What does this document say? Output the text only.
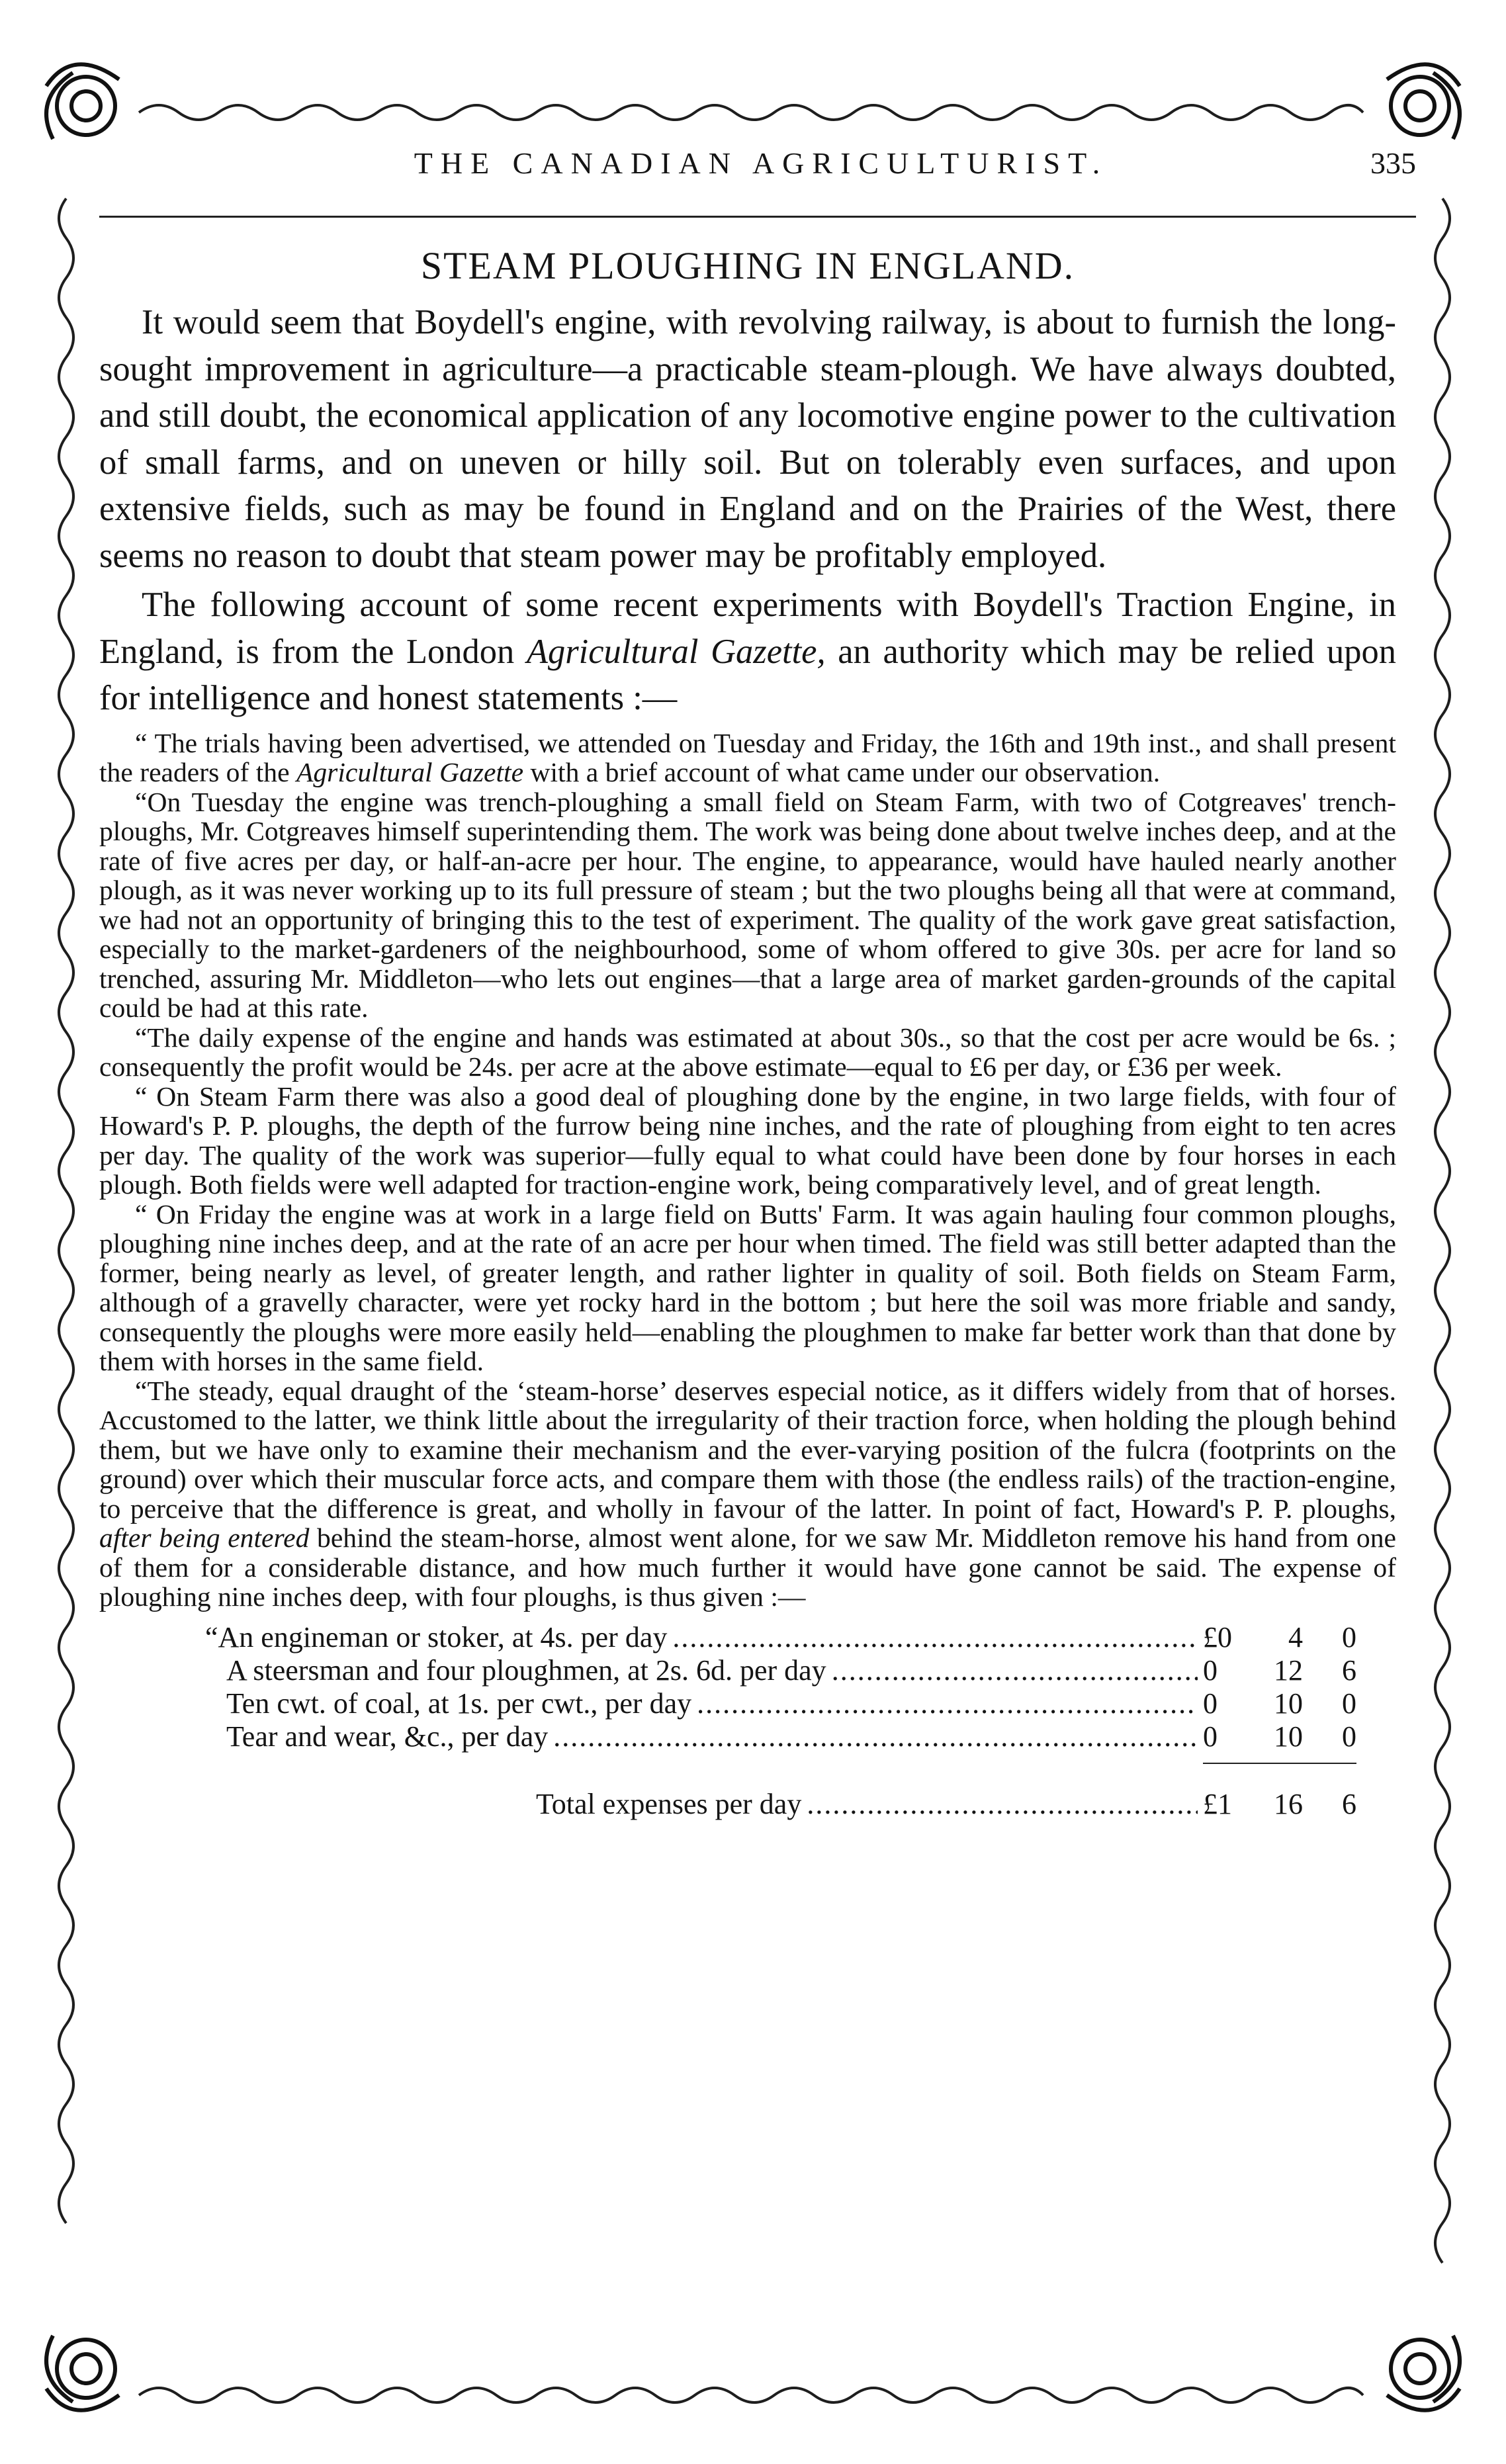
THE CANADIAN AGRICULTURIST.	335
STEAM PLOUGHING IN ENGLAND.

It would seem that Boydell's engine, with revolving railway, is about to furnish the long-sought improvement in agriculture—a practicable steam-plough. We have always doubted, and still doubt, the economical application of any locomotive engine power to the cultivation of small farms, and on uneven or hilly soil. But on tolerably even surfaces, and upon extensive fields, such as may be found in England and on the Prairies of the West, there seems no reason to doubt that steam power may be profitably employed.

The following account of some recent experiments with Boydell's Traction Engine, in England, is from the London Agricultural Gazette, an authority which may be relied upon for intelligence and honest statements :—

“ The trials having been advertised, we attended on Tuesday and Friday, the 16th and 19th inst., and shall present the readers of the Agricultural Gazette with a brief account of what came under our observation.

“On Tuesday the engine was trench-ploughing a small field on Steam Farm, with two of Cotgreaves' trench-ploughs, Mr. Cotgreaves himself superintending them. The work was being done about twelve inches deep, and at the rate of five acres per day, or half-an-acre per hour. The engine, to appearance, would have hauled nearly another plough, as it was never working up to its full pressure of steam ; but the two ploughs being all that were at command, we had not an opportunity of bringing this to the test of experiment. The quality of the work gave great satisfaction, especially to the market-gardeners of the neighbourhood, some of whom offered to give 30s. per acre for land so trenched, assuring Mr. Middleton—who lets out engines—that a large area of market garden-grounds of the capital could be had at this rate.

“The daily expense of the engine and hands was estimated at about 30s., so that the cost per acre would be 6s. ; consequently the profit would be 24s. per acre at the above estimate—equal to £6 per day, or £36 per week.

“ On Steam Farm there was also a good deal of ploughing done by the engine, in two large fields, with four of Howard's P. P. ploughs, the depth of the furrow being nine inches, and the rate of ploughing from eight to ten acres per day. The quality of the work was superior—fully equal to what could have been done by four horses in each plough. Both fields were well adapted for traction-engine work, being comparatively level, and of great length.

“ On Friday the engine was at work in a large field on Butts' Farm. It was again hauling four common ploughs, ploughing nine inches deep, and at the rate of an acre per hour when timed. The field was still better adapted than the former, being nearly as level, of greater length, and rather lighter in quality of soil. Both fields on Steam Farm, although of a gravelly character, were yet rocky hard in the bottom ; but here the soil was more friable and sandy, consequently the ploughs were more easily held—enabling the ploughmen to make far better work than that done by them with horses in the same field.

“The steady, equal draught of the ‘steam-horse’ deserves especial notice, as it differs widely from that of horses. Accustomed to the latter, we think little about the irregularity of their traction force, when holding the plough behind them, but we have only to examine their mechanism and the ever-varying position of the fulcra (footprints on the ground) over which their muscular force acts, and compare them with those (the endless rails) of the traction-engine, to perceive that the difference is great, and wholly in favour of the latter. In point of fact, Howard's P. P. ploughs, after being entered behind the steam-horse, almost went alone, for we saw Mr. Middleton remove his hand from one of them for a considerable distance, and how much further it would have gone cannot be said. The expense of ploughing nine inches deep, with four ploughs, is thus given :—

“An engineman or stoker, at 4s. per day .....	£0	4	0
A steersman and four ploughmen, at 2s. 6d. per day .....	0	12	6
Ten cwt. of coal, at 1s. per cwt., per day .....	0	10	0
Tear and wear, &c., per day .....	0	10	0
Total expenses per day .....	£1	16	6
